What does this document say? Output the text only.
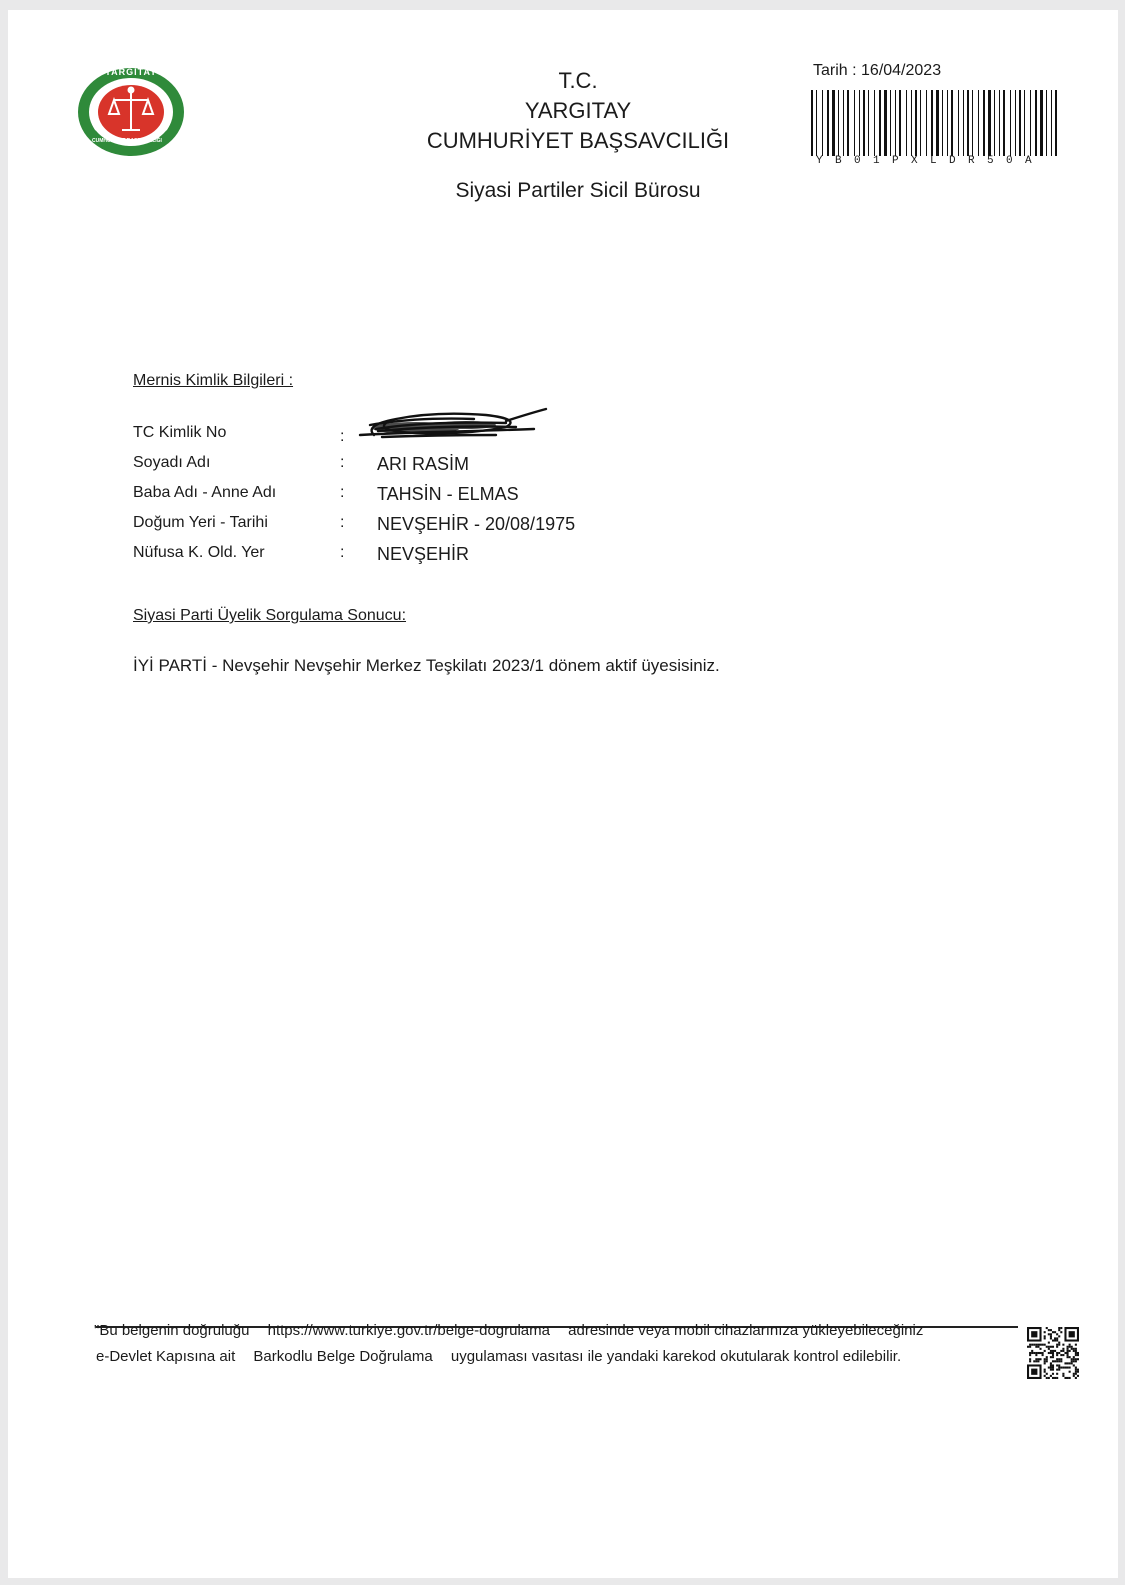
YARGITAY
CUMHURİYET BAŞSAVCILIĞI
T.C.
YARGITAY
CUMHURİYET BAŞSAVCILIĞI
Siyasi Partiler Sicil Bürosu
Tarih : 16/04/2023
YB01PXLDR50A
Mernis Kimlik Bilgileri :
TC Kimlik No	:
Soyadı Adı	: ARI RASİM
Baba Adı - Anne Adı	: TAHSİN - ELMAS
Doğum Yeri - Tarihi	: NEVŞEHİR - 20/08/1975
Nüfusa K. Old. Yer	: NEVŞEHİR
Siyasi Parti Üyelik Sorgulama Sonucu:
İYİ PARTİ - Nevşehir Nevşehir Merkez Teşkilatı 2023/1 dönem aktif üyesisiniz.
"Bu belgenin doğruluğu https://www.turkiye.gov.tr/belge-dogrulama adresinde veya mobil cihazlarınıza yükleyebileceğiniz
e-Devlet Kapısına ait Barkodlu Belge Doğrulama uygulaması vasıtası ile yandaki karekod okutularak kontrol edilebilir.
